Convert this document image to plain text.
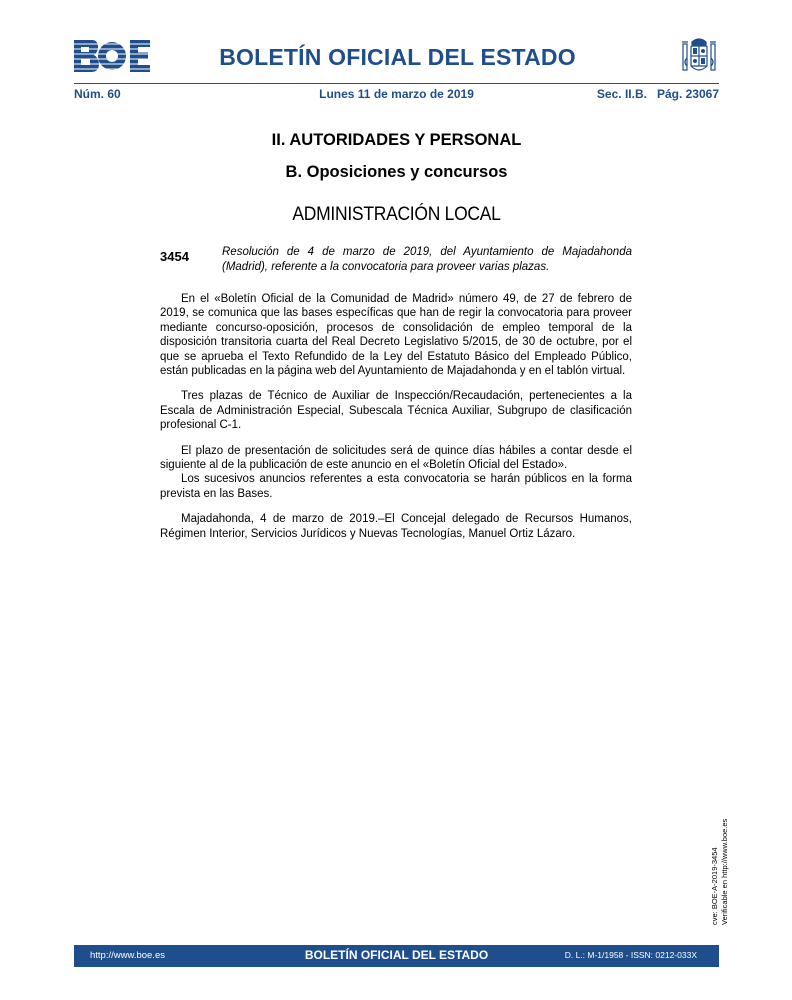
BOLETÍN OFICIAL DEL ESTADO
Lunes 11 de marzo de 2019
Núm. 60	Sec. II.B.   Pág. 23067
II. AUTORIDADES Y PERSONAL
B. Oposiciones y concursos
ADMINISTRACIÓN LOCAL
3454	Resolución de 4 de marzo de 2019, del Ayuntamiento de Majadahonda (Madrid), referente a la convocatoria para proveer varias plazas.

En el «Boletín Oficial de la Comunidad de Madrid» número 49, de 27 de febrero de 2019, se comunica que las bases específicas que han de regir la convocatoria para proveer mediante concurso-oposición, procesos de consolidación de empleo temporal de la disposición transitoria cuarta del Real Decreto Legislativo 5/2015, de 30 de octubre, por el que se aprueba el Texto Refundido de la Ley del Estatuto Básico del Empleado Público, están publicadas en la página web del Ayuntamiento de Majadahonda y en el tablón virtual.

Tres plazas de Técnico de Auxiliar de Inspección/Recaudación, pertenecientes a la Escala de Administración Especial, Subescala Técnica Auxiliar, Subgrupo de clasificación profesional C-1.

El plazo de presentación de solicitudes será de quince días hábiles a contar desde el siguiente al de la publicación de este anuncio en el «Boletín Oficial del Estado».

Los sucesivos anuncios referentes a esta convocatoria se harán públicos en la forma prevista en las Bases.

Majadahonda, 4 de marzo de 2019.–El Concejal delegado de Recursos Humanos, Régimen Interior, Servicios Jurídicos y Nuevas Tecnologías, Manuel Ortiz Lázaro.

cve: BOE-A-2019-3454 Verificable en http://www.boe.es
BOLETÍN OFICIAL DEL ESTADO
http://www.boe.es	D. L.: M-1/1958 - ISSN: 0212-033X
